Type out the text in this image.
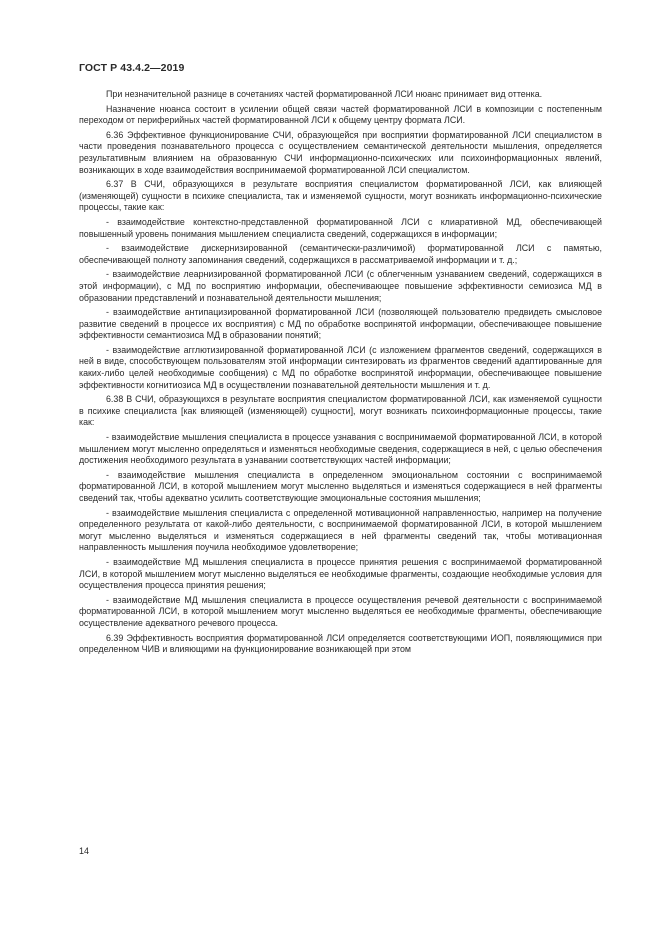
ГОСТ Р 43.4.2—2019

При незначительной разнице в сочетаниях частей форматированной ЛСИ нюанс принимает вид оттенка.

Назначение нюанса состоит в усилении общей связи частей форматированной ЛСИ в композиции с постепенным переходом от периферийных частей форматированной ЛСИ к общему центру формата ЛСИ.

6.36 Эффективное функционирование СЧИ, образующейся при восприятии форматированной ЛСИ специалистом в части проведения познавательного процесса с осуществлением семантической деятельности мышления, определяется результативным влиянием на образованную СЧИ информационно-психических или психоинформационных явлений, возникающих в ходе взаимодействия воспринимаемой форматированной ЛСИ специалистом.

6.37 В СЧИ, образующихся в результате восприятия специалистом форматированной ЛСИ, как влияющей (изменяющей) сущности в психике специалиста, так и изменяемой сущности, могут возникать информационно-психические процессы, такие как:

- взаимодействие контекстно-представленной форматированной ЛСИ с клиаративной МД, обеспечивающей повышенный уровень понимания мышлением специалиста сведений, содержащихся в информации;
- взаимодействие дискернизированной (семантически-различимой) форматированной ЛСИ с памятью, обеспечивающей полноту запоминания сведений, содержащихся в рассматриваемой информации и т. д.;
- взаимодействие леарнизированной форматированной ЛСИ (с облегченным узнаванием сведений, содержащихся в этой информации), с МД по восприятию информации, обеспечивающее повышение эффективности семиозиса МД в образовании представлений и познавательной деятельности мышления;
- взаимодействие антипацизированной форматированной ЛСИ (позволяющей пользователю предвидеть смысловое развитие сведений в процессе их восприятия) с МД по обработке воспринятой информации, обеспечивающее повышение эффективности семантиозиса МД в образовании понятий;
- взаимодействие агглютизированной форматированной ЛСИ (с изложением фрагментов сведений, содержащихся в ней в виде, способствующем пользователям этой информации синтезировать из фрагментов сведений адаптированные для каких-либо целей необходимые сообщения) с МД по обработке воспринятой информации, обеспечивающее повышение эффективности когнитиозиса МД в осуществлении познавательной деятельности мышления и т. д.

6.38 В СЧИ, образующихся в результате восприятия специалистом форматированной ЛСИ, как изменяемой сущности в психике специалиста [как влияющей (изменяющей) сущности], могут возникать психоинформационные процессы, такие как:

- взаимодействие мышления специалиста в процессе узнавания с воспринимаемой форматированной ЛСИ, в которой мышлением могут мысленно определяться и изменяться необходимые сведения, содержащиеся в ней, с целью обеспечения достижения необходимого результата в узнавании соответствующих частей информации;
- взаимодействие мышления специалиста в определенном эмоциональном состоянии с воспринимаемой форматированной ЛСИ, в которой мышлением могут мысленно выделяться и изменяться содержащиеся в ней фрагменты сведений так, чтобы адекватно усилить соответствующие эмоциональные состояния мышления;
- взаимодействие мышления специалиста с определенной мотивационной направленностью, например на получение определенного результата от какой-либо деятельности, с воспринимаемой форматированной ЛСИ, в которой мышлением могут мысленно выделяться и изменяться содержащиеся в ней фрагменты сведений так, чтобы мотивационная направленность мышления поучила необходимое удовлетворение;
- взаимодействие МД мышления специалиста в процессе принятия решения с воспринимаемой форматированной ЛСИ, в которой мышлением могут мысленно выделяться ее необходимые фрагменты, создающие необходимые условия для осуществления процесса принятия решения;
- взаимодействие МД мышления специалиста в процессе осуществления речевой деятельности с воспринимаемой форматированной ЛСИ, в которой мышлением могут мысленно выделяться ее необходимые фрагменты, обеспечивающие осуществление адекватного речевого процесса.

6.39 Эффективность восприятия форматированной ЛСИ определяется соответствующими ИОП, появляющимися при определенном ЧИВ и влияющими на функционирование возникающей при этом

14
